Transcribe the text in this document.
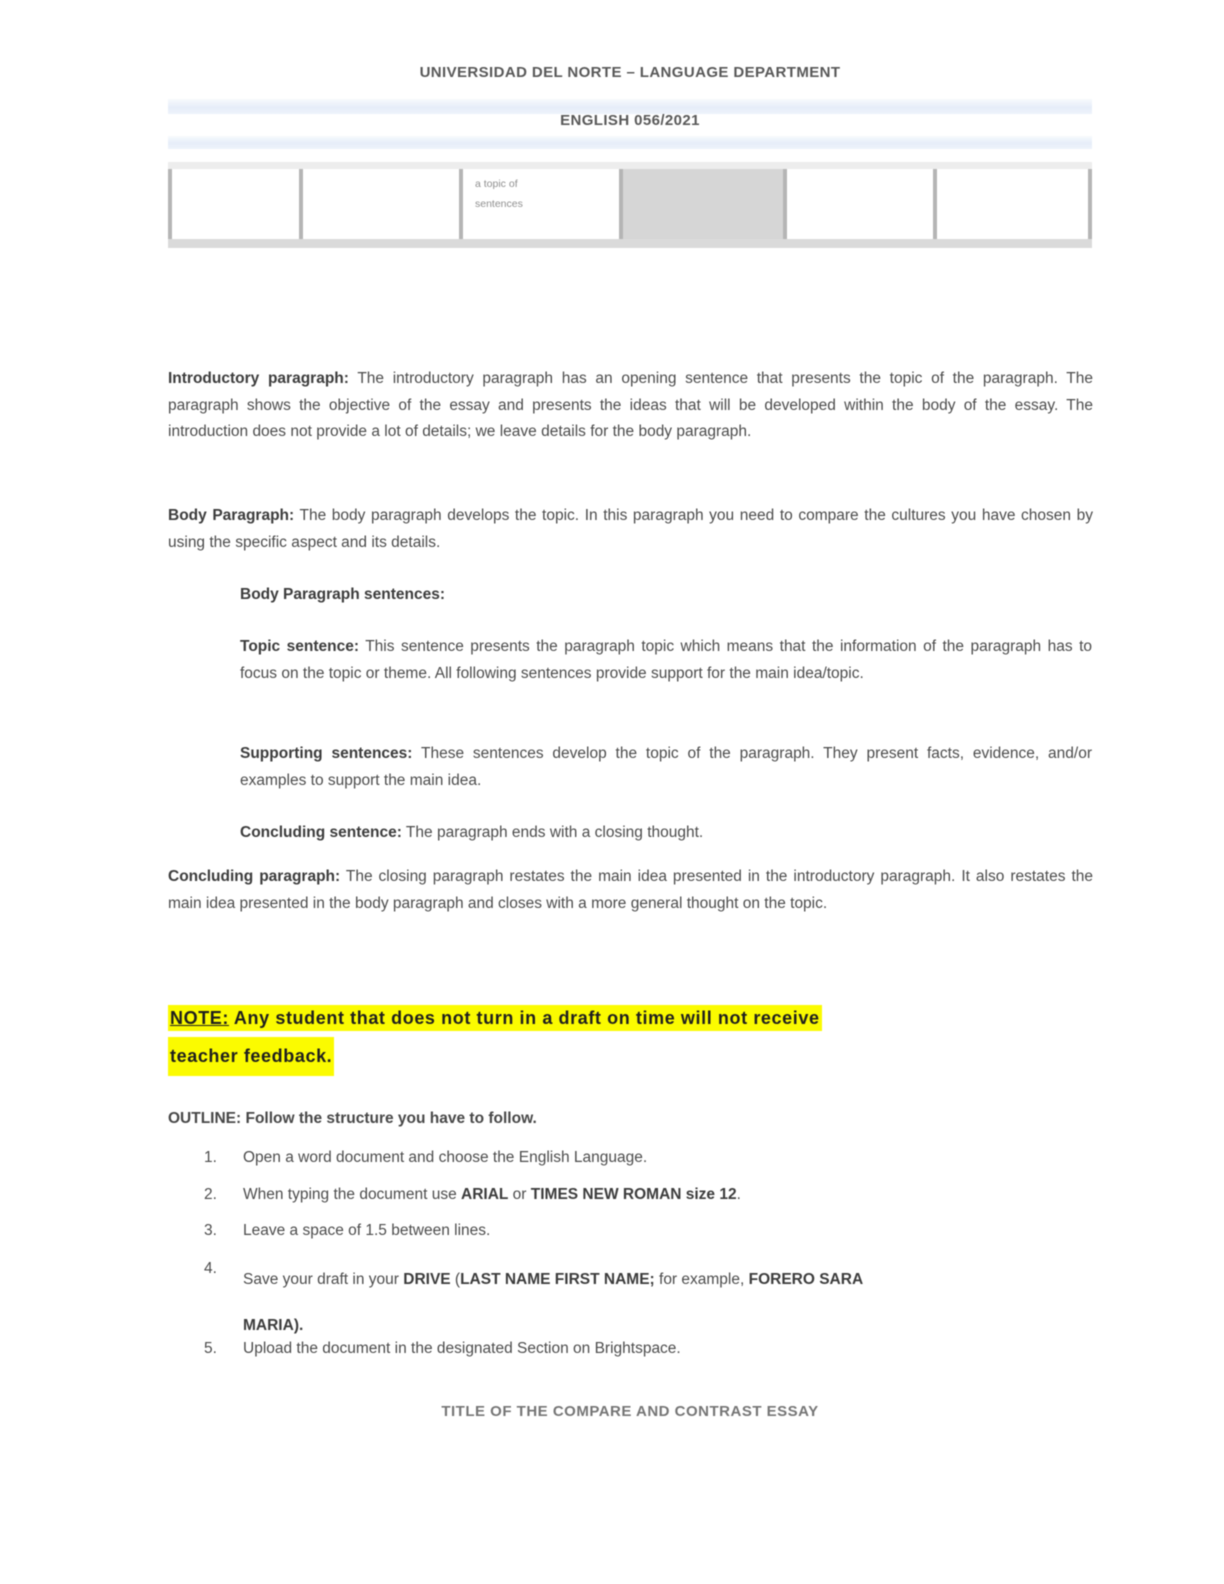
UNIVERSIDAD DEL NORTE – LANGUAGE DEPARTMENT
ENGLISH 056/2021
a topic of
sentences
Introductory paragraph: The introductory paragraph has an opening sentence that presents the topic of the paragraph. The paragraph shows the objective of the essay and presents the ideas that will be developed within the body of the essay. The introduction does not provide a lot of details; we leave details for the body paragraph.
Body Paragraph: The body paragraph develops the topic. In this paragraph you need to compare the cultures you have chosen by using the specific aspect and its details.
Body Paragraph sentences:
Topic sentence: This sentence presents the paragraph topic which means that the information of the paragraph has to focus on the topic or theme. All following sentences provide support for the main idea/topic.
Supporting sentences: These sentences develop the topic of the paragraph. They present facts, evidence, and/or examples to support the main idea.
Concluding sentence: The paragraph ends with a closing thought.
Concluding paragraph: The closing paragraph restates the main idea presented in the introductory paragraph. It also restates the main idea presented in the body paragraph and closes with a more general thought on the topic.
NOTE: Any student that does not turn in a draft on time will not receive
teacher feedback.
OUTLINE: Follow the structure you have to follow.
1. Open a word document and choose the English Language.
2. When typing the document use ARIAL or TIMES NEW ROMAN size 12.
3. Leave a space of 1.5 between lines.
4.Save your draft in your DRIVE (LAST NAME FIRST NAME; for example, FORERO SARA
MARIA).
5. Upload the document in the designated Section on Brightspace.
TITLE OF THE COMPARE AND CONTRAST ESSAY
